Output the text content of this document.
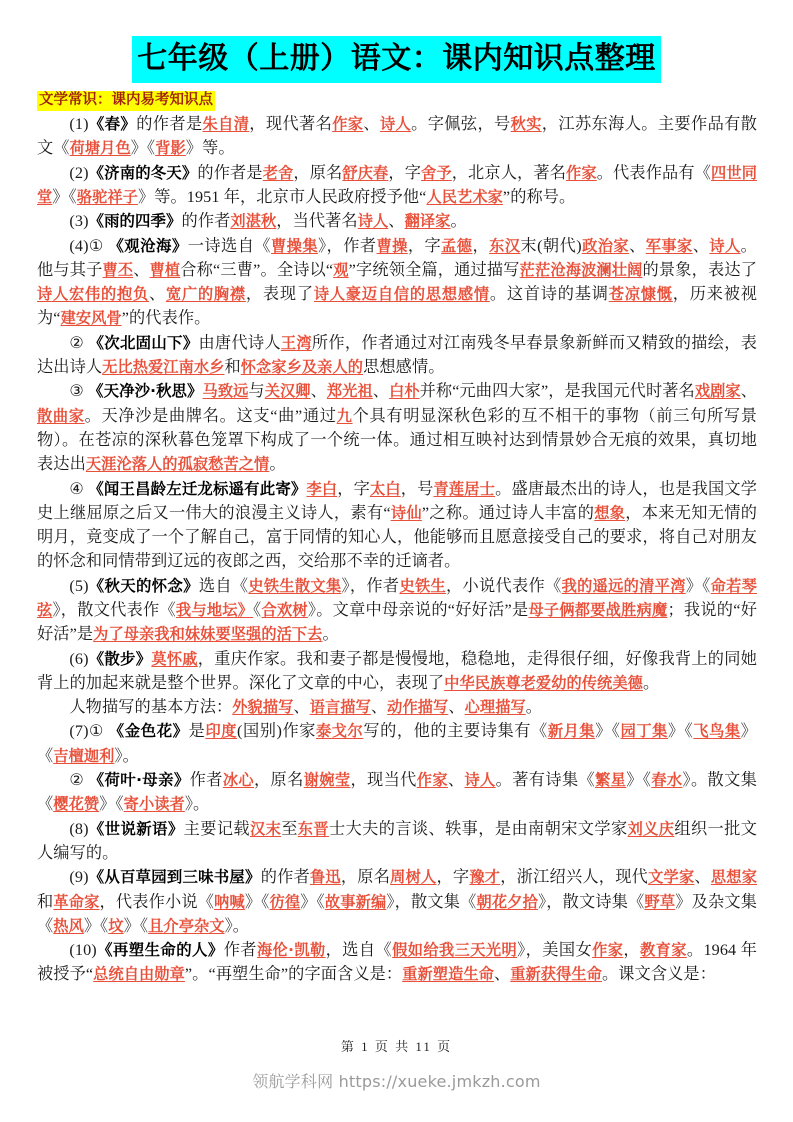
七年级（上册）语文：课内知识点整理
文学常识：课内易考知识点

(1)《春》的作者是朱自清，现代著名作家、诗人。字佩弦，号秋实，江苏东海人。主要作品有散文《荷塘月色》《背影》等。

(2)《济南的冬天》的作者是老舍，原名舒庆春，字舍予，北京人，著名作家。代表作品有《四世同堂》《骆驼祥子》等。1951 年，北京市人民政府授予他“人民艺术家”的称号。

(3)《雨的四季》的作者刘湛秋，当代著名诗人、翻译家。

(4)① 《观沧海》一诗选自《曹操集》，作者曹操，字孟德，东汉末(朝代)政治家、军事家、诗人。他与其子曹丕、曹植合称“三曹”。全诗以“观”字统领全篇，通过描写茫茫沧海波澜壮阔的景象，表达了诗人宏伟的抱负、宽广的胸襟，表现了诗人豪迈自信的思想感情。这首诗的基调苍凉慷慨，历来被视为“建安风骨”的代表作。

② 《次北固山下》由唐代诗人王湾所作，作者通过对江南残冬早春景象新鲜而又精致的描绘，表达出诗人无比热爱江南水乡和怀念家乡及亲人的思想感情。

③ 《天净沙·秋思》马致远与关汉卿、郑光祖、白朴并称“元曲四大家”，是我国元代时著名戏剧家、散曲家。天净沙是曲牌名。这支“曲”通过九个具有明显深秋色彩的互不相干的事物（前三句所写景物）。在苍凉的深秋暮色笼罩下构成了一个统一体。通过相互映衬达到情景妙合无痕的效果，真切地表达出天涯沦落人的孤寂愁苦之情。

④ 《闻王昌龄左迁龙标遥有此寄》李白，字太白，号青莲居士。盛唐最杰出的诗人，也是我国文学史上继屈原之后又一伟大的浪漫主义诗人，素有“诗仙”之称。通过诗人丰富的想象，本来无知无情的明月，竟变成了一个了解自己，富于同情的知心人，他能够而且愿意接受自己的要求，将自己对朋友的怀念和同情带到辽远的夜郎之西，交给那不幸的迁谪者。

(5)《秋天的怀念》选自《史铁生散文集》，作者史铁生，小说代表作《我的遥远的清平湾》《命若琴弦》，散文代表作《我与地坛》《合欢树》。文章中母亲说的“好好活”是母子俩都要战胜病魔；我说的“好好活”是为了母亲我和妹妹要坚强的活下去。

(6)《散步》莫怀戚，重庆作家。我和妻子都是慢慢地，稳稳地，走得很仔细，好像我背上的同她背上的加起来就是整个世界。深化了文章的中心，表现了中华民族尊老爱幼的传统美德。

人物描写的基本方法：外貌描写、语言描写、动作描写、心理描写。

(7)① 《金色花》是印度(国别)作家泰戈尔写的，他的主要诗集有《新月集》《园丁集》《飞鸟集》《吉檀迦利》。

② 《荷叶·母亲》作者冰心，原名谢婉莹，现当代作家、诗人。著有诗集《繁星》《春水》。散文集《樱花赞》《寄小读者》。

(8)《世说新语》主要记载汉末至东晋士大夫的言谈、轶事，是由南朝宋文学家刘义庆组织一批文人编写的。

(9)《从百草园到三味书屋》的作者鲁迅，原名周树人，字豫才，浙江绍兴人，现代文学家、思想家和革命家，代表作小说《呐喊》《彷徨》《故事新编》，散文集《朝花夕拾》，散文诗集《野草》及杂文集《热风》《坟》《且介亭杂文》。

(10)《再塑生命的人》作者海伦·凯勒，选自《假如给我三天光明》，美国女作家，教育家。1964 年被授予“总统自由勋章”。“再塑生命”的字面含义是：重新塑造生命、重新获得生命。课文含义是：

第 1 页 共 11 页

领航学科网 https://xueke.jmkzh.com
